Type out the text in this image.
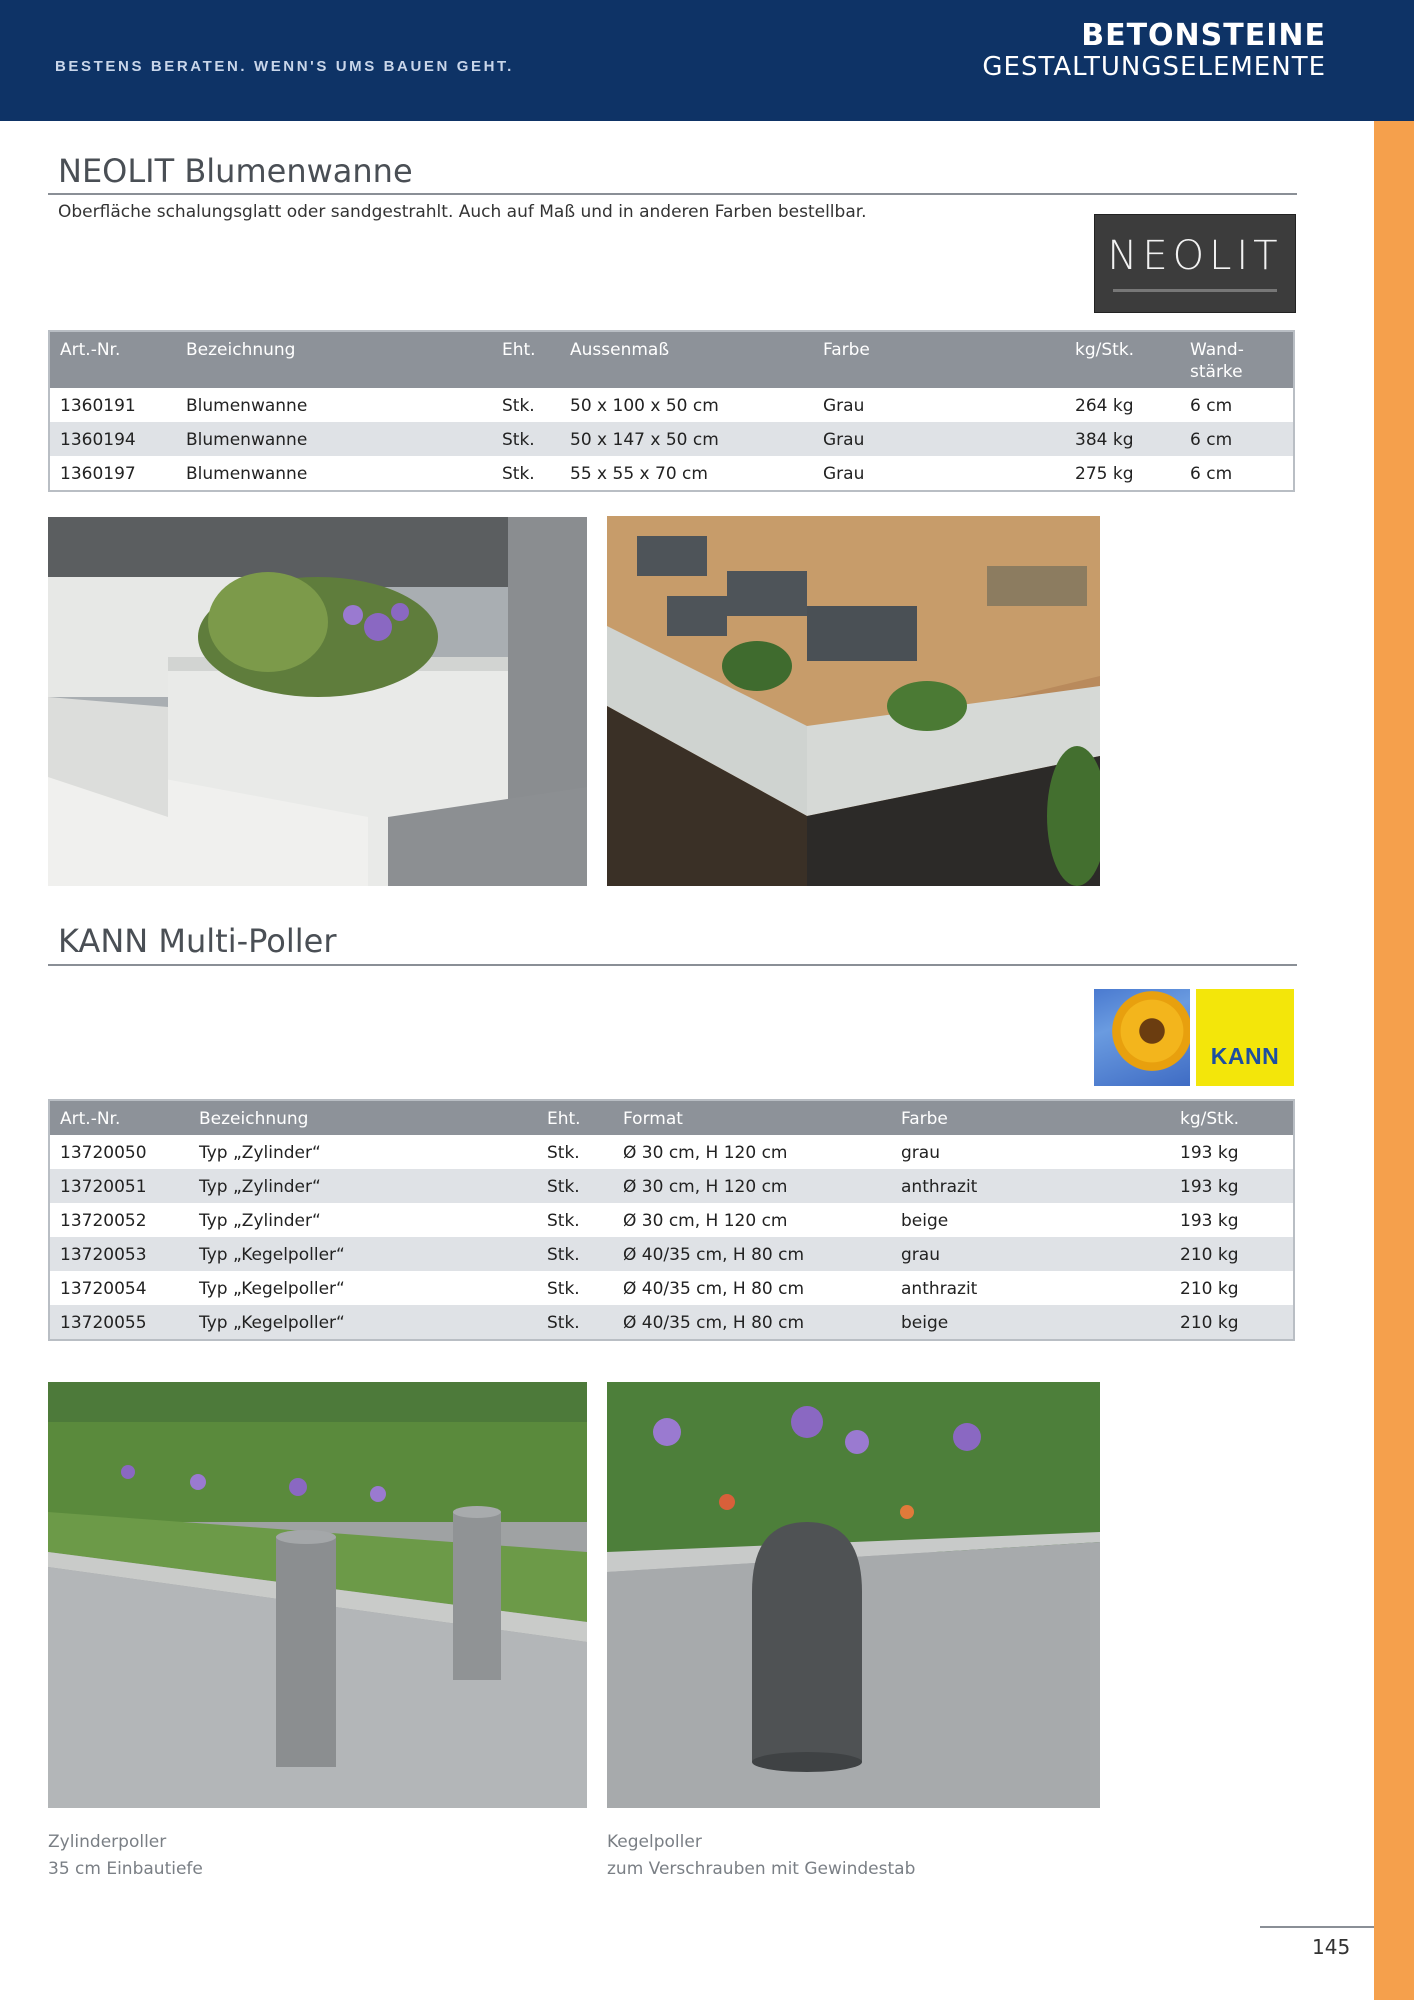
BESTENS BERATEN. WENN'S UMS BAUEN GEHT.
BETONSTEINE
GESTALTUNGSELEMENTE
NEOLIT Blumenwanne
Oberfläche schalungsglatt oder sandgestrahlt. Auch auf Maß und in anderen Farben bestellbar.
NEOLIT
Art.-Nr.	Bezeichnung	Eht. Aussenmaß	Farbe	kg/Stk.	Wand-
stärke
1360191	Blumenwanne	Stk. 50 x 100 x 50 cm	Grau	264 kg	6 cm
1360194	Blumenwanne	Stk. 50 x 147 x 50 cm	Grau	384 kg	6 cm
1360197	Blumenwanne	Stk. 55 x 55 x 70 cm	Grau	275 kg	6 cm
KANN Multi-Poller
KANN
Art.-Nr.	Bezeichnung	Eht. Format	Farbe	kg/Stk.
13720050	Typ „Zylinder“	Stk.	Ø 30 cm, H 120 cm	grau	193 kg
13720051	Typ „Zylinder“	Stk.	Ø 30 cm, H 120 cm	anthrazit	193 kg
13720052	Typ „Zylinder“	Stk.	Ø 30 cm, H 120 cm	beige	193 kg
13720053	Typ „Kegelpoller“	Stk.	Ø 40/35 cm, H 80 cm	grau	210 kg
13720054	Typ „Kegelpoller“	Stk.	Ø 40/35 cm, H 80 cm	anthrazit	210 kg
13720055	Typ „Kegelpoller“	Stk.	Ø 40/35 cm, H 80 cm	beige	210 kg
Zylinderpoller
35 cm Einbautiefe
Kegelpoller
zum Verschrauben mit Gewindestab
145
